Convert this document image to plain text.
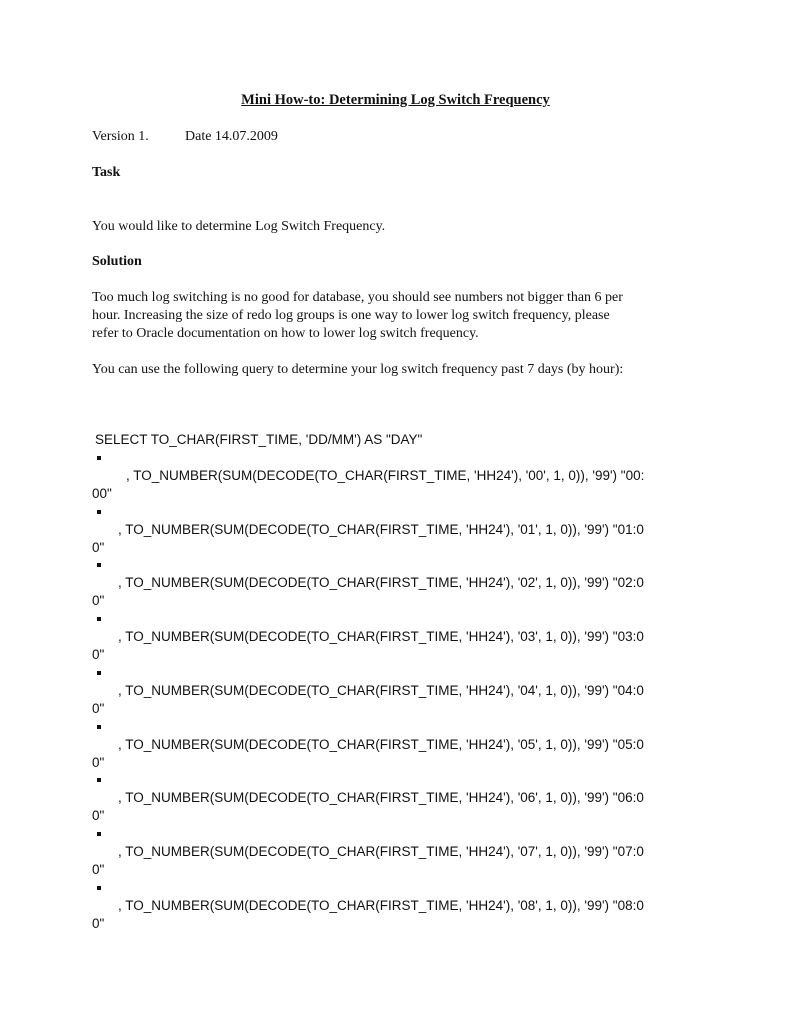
Mini How-to: Determining Log Switch Frequency
Version 1.	Date 14.07.2009
Task
You would like to determine Log Switch Frequency.
Solution
Too much log switching is no good for database, you should see numbers not bigger than 6 per
hour. Increasing the size of redo log groups is one way to lower log switch frequency, please
refer to Oracle documentation on how to lower log switch frequency.
You can use the following query to determine your log switch frequency past 7 days (by hour):
SELECT TO_CHAR(FIRST_TIME, 'DD/MM') AS "DAY"
, TO_NUMBER(SUM(DECODE(TO_CHAR(FIRST_TIME, 'HH24'), '00', 1, 0)), '99') "00:
00"
, TO_NUMBER(SUM(DECODE(TO_CHAR(FIRST_TIME, 'HH24'), '01', 1, 0)), '99') "01:0
0"
, TO_NUMBER(SUM(DECODE(TO_CHAR(FIRST_TIME, 'HH24'), '02', 1, 0)), '99') "02:0
0"
, TO_NUMBER(SUM(DECODE(TO_CHAR(FIRST_TIME, 'HH24'), '03', 1, 0)), '99') "03:0
0"
, TO_NUMBER(SUM(DECODE(TO_CHAR(FIRST_TIME, 'HH24'), '04', 1, 0)), '99') "04:0
0"
, TO_NUMBER(SUM(DECODE(TO_CHAR(FIRST_TIME, 'HH24'), '05', 1, 0)), '99') "05:0
0"
, TO_NUMBER(SUM(DECODE(TO_CHAR(FIRST_TIME, 'HH24'), '06', 1, 0)), '99') "06:0
0"
, TO_NUMBER(SUM(DECODE(TO_CHAR(FIRST_TIME, 'HH24'), '07', 1, 0)), '99') "07:0
0"
, TO_NUMBER(SUM(DECODE(TO_CHAR(FIRST_TIME, 'HH24'), '08', 1, 0)), '99') "08:0
0"
